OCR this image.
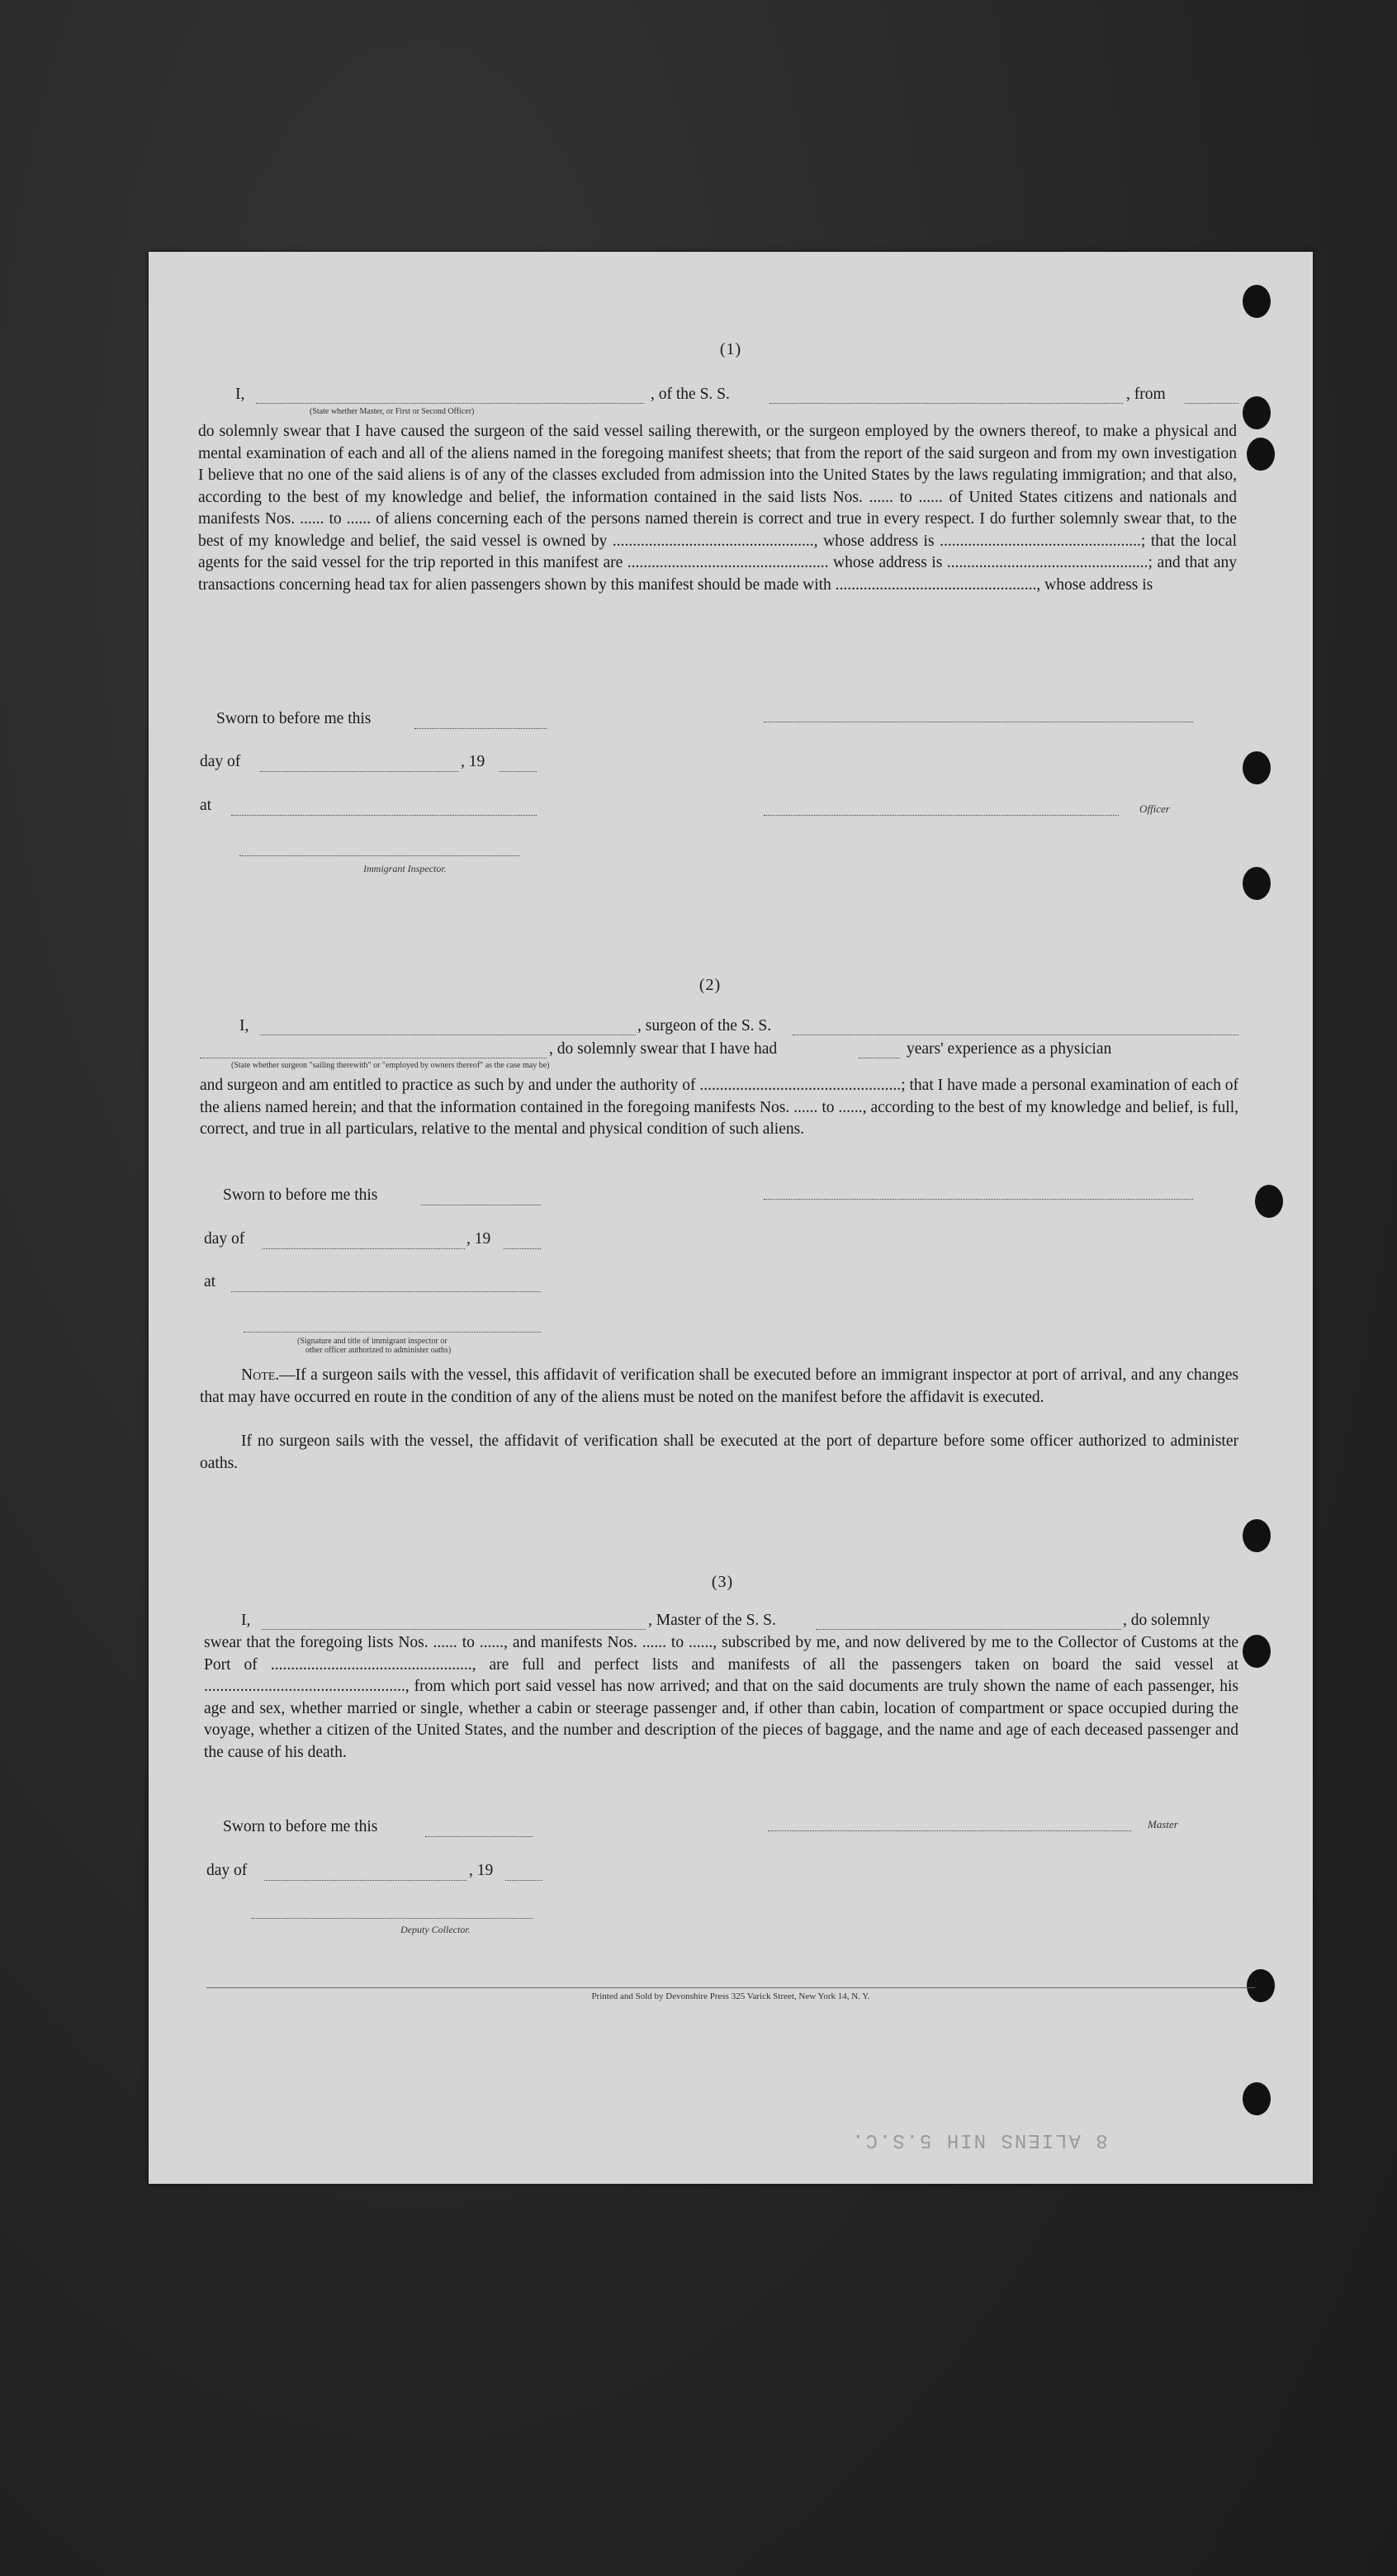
(1)
I,	, of the S. S.	, from
(State whether Master, or First or Second Officer)
do solemnly swear that I have caused the surgeon of the said vessel sailing therewith, or the surgeon employed by the owners thereof, to make a physical and mental examination of each and all of the aliens named in the foregoing manifest sheets; that from the report of the said surgeon and from my own investigation I believe that no one of the said aliens is of any of the classes excluded from admission into the United States by the laws regulating immigration; and that also, according to the best of my knowledge and belief, the information contained in the said lists Nos. ...... to ...... of United States citizens and nationals and manifests Nos. ...... to ...... of aliens concerning each of the persons named therein is correct and true in every respect. I do further solemnly swear that, to the best of my knowledge and belief, the said vessel is owned by .................................................., whose address is ..................................................; that the local agents for the said vessel for the trip reported in this manifest are .................................................. whose address is ..................................................; and that any transactions concerning head tax for alien passengers shown by this manifest should be made with .................................................., whose address is
Sworn to before me this
day of	, 19
at	Officer
Immigrant Inspector.
(2)
I,	, surgeon of the S. S.
, do solemnly swear that I have had	years' experience as a physician
(State whether surgeon "sailing therewith" or "employed by owners thereof" as the case may be)
and surgeon and am entitled to practice as such by and under the authority of ..................................................; that I have made a personal examination of each of the aliens named herein; and that the information contained in the foregoing manifests Nos. ...... to ......, according to the best of my knowledge and belief, is full, correct, and true in all particulars, relative to the mental and physical condition of such aliens.
Sworn to before me this
day of	, 19
at
(Signature and title of immigrant inspector or
other officer authorized to administer oaths)
Note.—If a surgeon sails with the vessel, this affidavit of verification shall be executed before an immigrant inspector at port of arrival, and any changes that may have occurred en route in the condition of any of the aliens must be noted on the manifest before the affidavit is executed.
If no surgeon sails with the vessel, the affidavit of verification shall be executed at the port of departure before some officer authorized to administer oaths.
(3)
I,	, Master of the S. S.	, do solemnly
swear that the foregoing lists Nos. ...... to ......, and manifests Nos. ...... to ......, subscribed by me, and now delivered by me to the Collector of Customs at the Port of .................................................., are full and perfect lists and manifests of all the passengers taken on board the said vessel at .................................................., from which port said vessel has now arrived; and that on the said documents are truly shown the name of each passenger, his age and sex, whether married or single, whether a cabin or steerage passenger and, if other than cabin, location of compartment or space occupied during the voyage, whether a citizen of the United States, and the number and description of the pieces of baggage, and the name and age of each deceased passenger and the cause of his death.
Sworn to before me this	Master
day of	, 19
Deputy Collector.
Printed and Sold by Devonshire Press 325 Varick Street, New York 14, N. Y.
8 ALIENS NIH 5.S.C.
